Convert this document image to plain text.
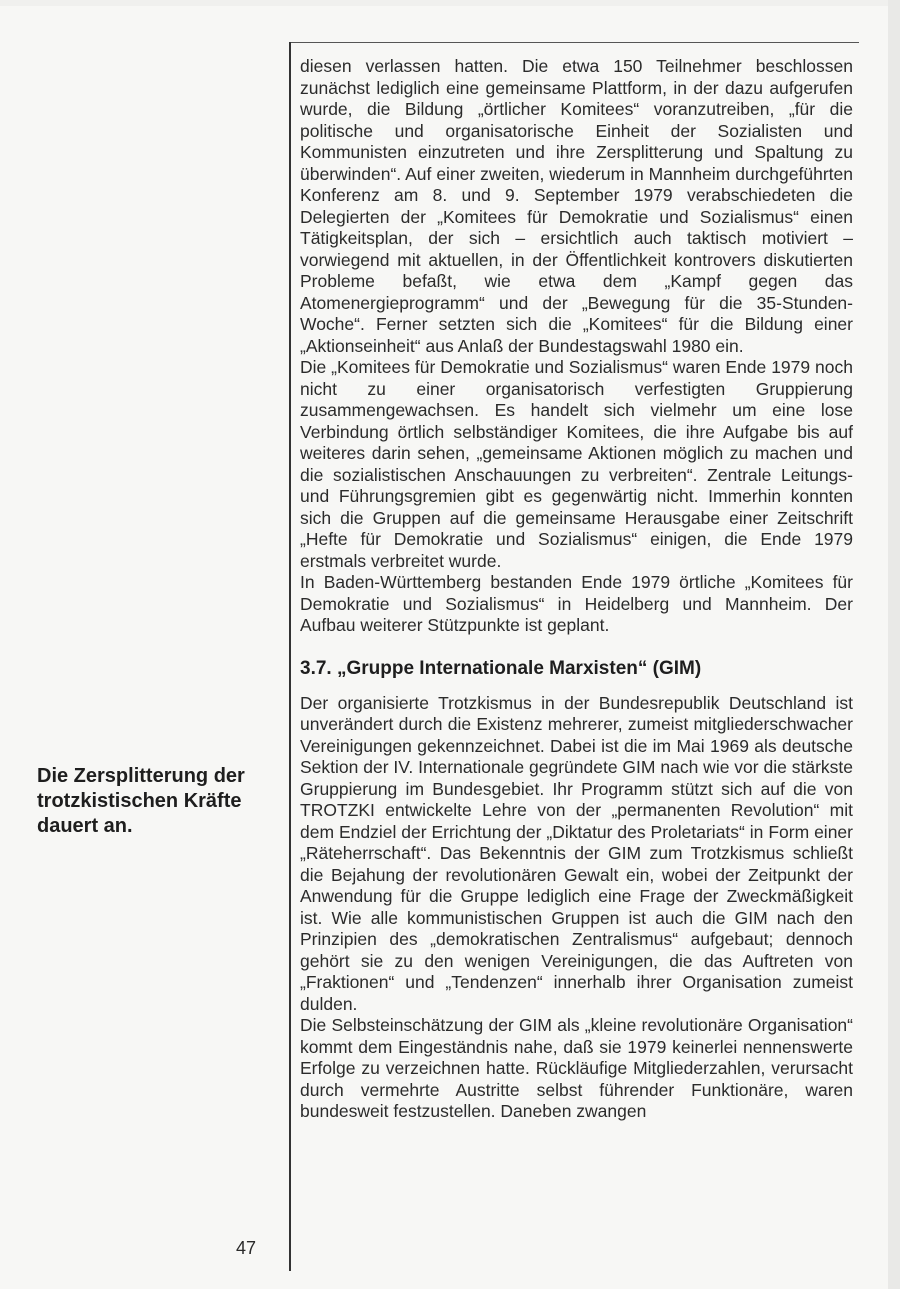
Die Zersplitterung der trotzkistischen Kräfte dauert an.
47

diesen verlassen hatten. Die etwa 150 Teilnehmer beschlossen zunächst lediglich eine gemeinsame Plattform, in der dazu aufgerufen wurde, die Bildung „örtlicher Komitees“ voranzutreiben, „für die politische und organisatorische Einheit der Sozialisten und Kommunisten einzutreten und ihre Zersplitterung und Spaltung zu überwinden“. Auf einer zweiten, wiederum in Mannheim durchgeführten Konferenz am 8. und 9. September 1979 verabschiedeten die Delegierten der „Komitees für Demokratie und Sozialismus“ einen Tätigkeitsplan, der sich – ersichtlich auch taktisch motiviert – vorwiegend mit aktuellen, in der Öffentlichkeit kontrovers diskutierten Probleme befaßt, wie etwa dem „Kampf gegen das Atomenergieprogramm“ und der „Bewegung für die 35-Stunden-Woche“. Ferner setzten sich die „Komitees“ für die Bildung einer „Aktionseinheit“ aus Anlaß der Bundestagswahl 1980 ein.

Die „Komitees für Demokratie und Sozialismus“ waren Ende 1979 noch nicht zu einer organisatorisch verfestigten Gruppierung zusammengewachsen. Es handelt sich vielmehr um eine lose Verbindung örtlich selbständiger Komitees, die ihre Aufgabe bis auf weiteres darin sehen, „gemeinsame Aktionen möglich zu machen und die sozialistischen Anschauungen zu verbreiten“. Zentrale Leitungs- und Führungsgremien gibt es gegenwärtig nicht. Immerhin konnten sich die Gruppen auf die gemeinsame Herausgabe einer Zeitschrift „Hefte für Demokratie und Sozialismus“ einigen, die Ende 1979 erstmals verbreitet wurde.

In Baden-Württemberg bestanden Ende 1979 örtliche „Komitees für Demokratie und Sozialismus“ in Heidelberg und Mannheim. Der Aufbau weiterer Stützpunkte ist geplant.

3.7. „Gruppe Internationale Marxisten“ (GIM)

Der organisierte Trotzkismus in der Bundesrepublik Deutschland ist unverändert durch die Existenz mehrerer, zumeist mitgliederschwacher Vereinigungen gekennzeichnet. Dabei ist die im Mai 1969 als deutsche Sektion der IV. Internationale gegründete GIM nach wie vor die stärkste Gruppierung im Bundesgebiet. Ihr Programm stützt sich auf die von TROTZKI entwickelte Lehre von der „permanenten Revolution“ mit dem Endziel der Errichtung der „Diktatur des Proletariats“ in Form einer „Räteherrschaft“. Das Bekenntnis der GIM zum Trotzkismus schließt die Bejahung der revolutionären Gewalt ein, wobei der Zeitpunkt der Anwendung für die Gruppe lediglich eine Frage der Zweckmäßigkeit ist. Wie alle kommunistischen Gruppen ist auch die GIM nach den Prinzipien des „demokratischen Zentralismus“ aufgebaut; dennoch gehört sie zu den wenigen Vereinigungen, die das Auftreten von „Fraktionen“ und „Tendenzen“ innerhalb ihrer Organisation zumeist dulden.

Die Selbsteinschätzung der GIM als „kleine revolutionäre Organisation“ kommt dem Eingeständnis nahe, daß sie 1979 keinerlei nennenswerte Erfolge zu verzeichnen hatte. Rückläufige Mitgliederzahlen, verursacht durch vermehrte Austritte selbst führender Funktionäre, waren bundesweit festzustellen. Daneben zwangen
